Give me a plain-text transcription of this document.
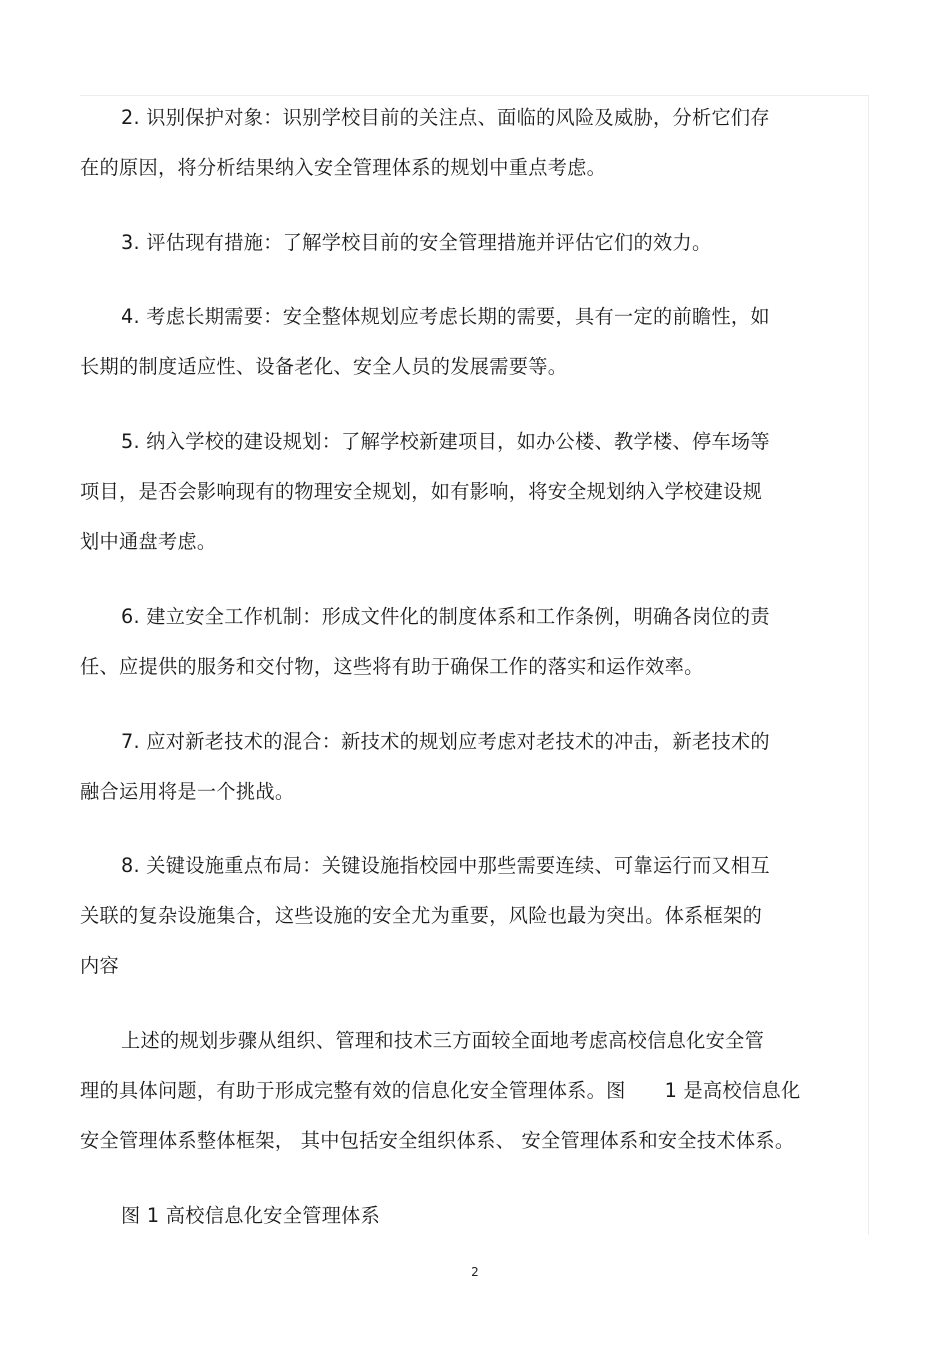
2. 识别保护对象：识别学校目前的关注点、面临的风险及威胁，分析它们存
在的原因，将分析结果纳入安全管理体系的规划中重点考虑。
3. 评估现有措施：了解学校目前的安全管理措施并评估它们的效力。
4. 考虑长期需要：安全整体规划应考虑长期的需要，具有一定的前瞻性，如
长期的制度适应性、设备老化、安全人员的发展需要等。
5. 纳入学校的建设规划：了解学校新建项目，如办公楼、教学楼、停车场等
项目，是否会影响现有的物理安全规划，如有影响，将安全规划纳入学校建设规
划中通盘考虑。
6. 建立安全工作机制：形成文件化的制度体系和工作条例，明确各岗位的责
任、应提供的服务和交付物，这些将有助于确保工作的落实和运作效率。
7. 应对新老技术的混合：新技术的规划应考虑对老技术的冲击，新老技术的
融合运用将是一个挑战。
8. 关键设施重点布局：关键设施指校园中那些需要连续、可靠运行而又相互
关联的复杂设施集合，这些设施的安全尤为重要，风险也最为突出。体系框架的
内容
上述的规划步骤从组织、管理和技术三方面较全面地考虑高校信息化安全管
理的具体问题，有助于形成完整有效的信息化安全管理体系。图　　1 是高校信息化
安全管理体系整体框架， 其中包括安全组织体系、 安全管理体系和安全技术体系。
图 1 高校信息化安全管理体系
2
